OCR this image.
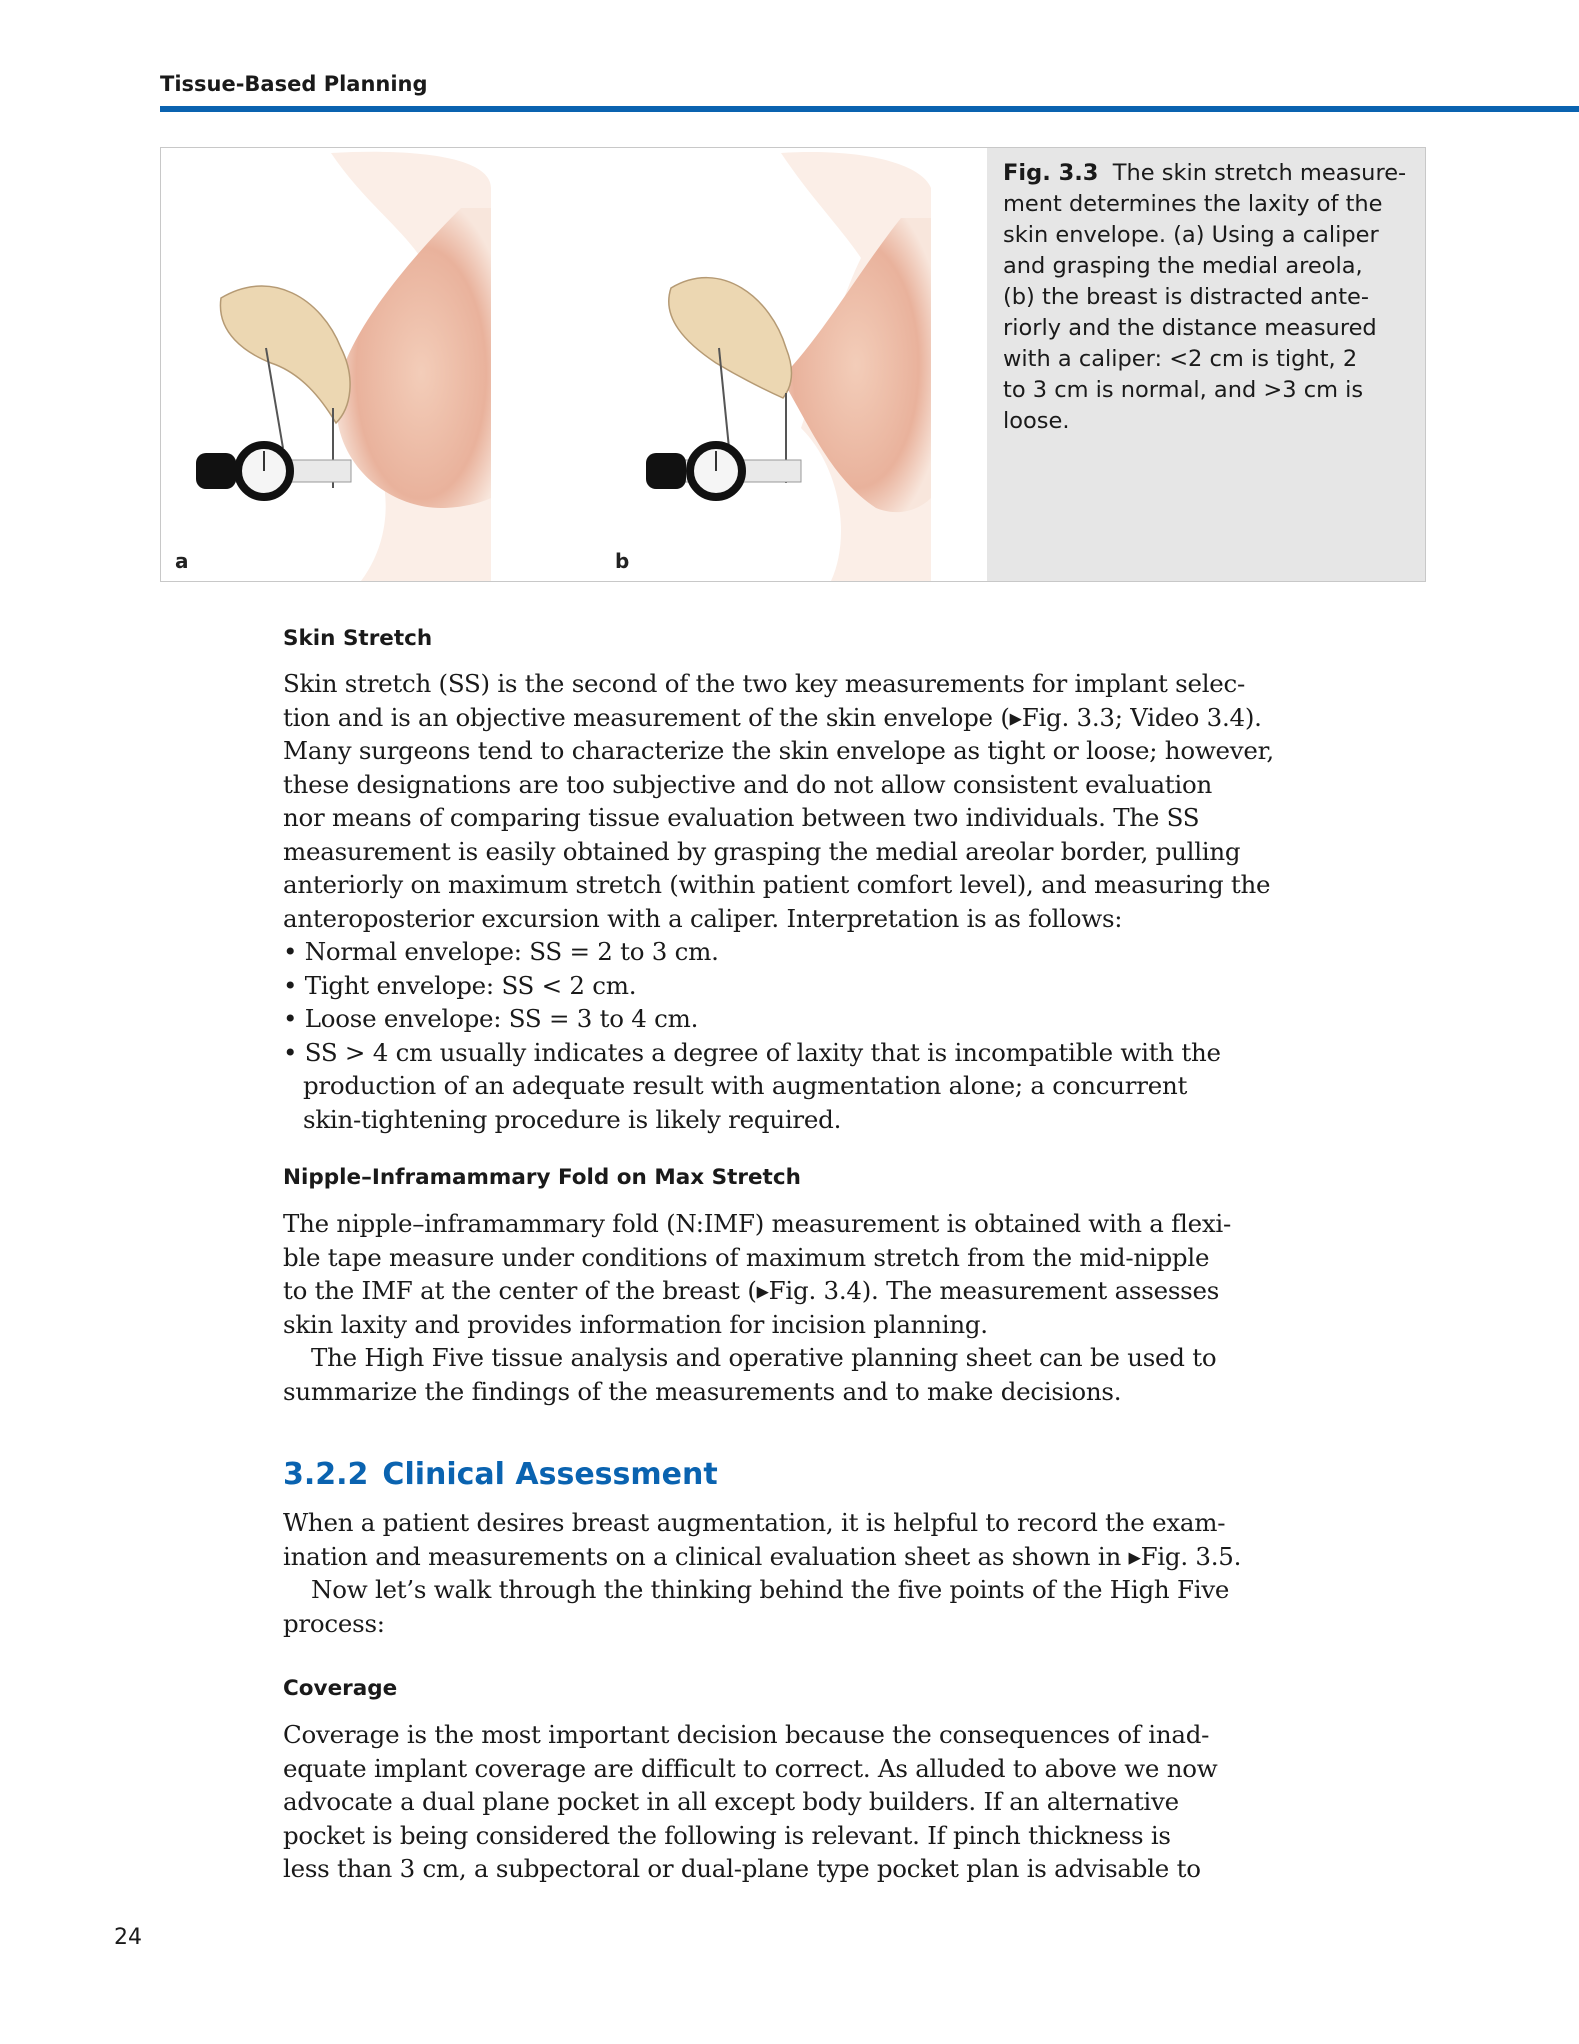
Tissue-Based Planning
a	b
Fig. 3.3 The skin stretch measure-
ment determines the laxity of the
skin envelope. (a) Using a caliper
and grasping the medial areola,
(b) the breast is distracted ante-
riorly and the distance measured
with a caliper: <2 cm is tight, 2
to 3 cm is normal, and >3 cm is
loose.
Skin Stretch
Skin stretch (SS) is the second of the two key measurements for implant selec-
tion and is an objective measurement of the skin envelope (▸Fig. 3.3; Video 3.4).
Many surgeons tend to characterize the skin envelope as tight or loose; however,
these designations are too subjective and do not allow consistent evaluation
nor means of comparing tissue evaluation between two individuals. The SS
measurement is easily obtained by grasping the medial areolar border, pulling
anteriorly on maximum stretch (within patient comfort level), and measuring the
anteroposterior excursion with a caliper. Interpretation is as follows:
• Normal envelope: SS = 2 to 3 cm.
• Tight envelope: SS < 2 cm.
• Loose envelope: SS = 3 to 4 cm.
• SS > 4 cm usually indicates a degree of laxity that is incompatible with the
production of an adequate result with augmentation alone; a concurrent
skin-tightening procedure is likely required.
Nipple–Inframammary Fold on Max Stretch
The nipple–inframammary fold (N:IMF) measurement is obtained with a flexi-
ble tape measure under conditions of maximum stretch from the mid-nipple
to the IMF at the center of the breast (▸Fig. 3.4). The measurement assesses
skin laxity and provides information for incision planning.
The High Five tissue analysis and operative planning sheet can be used to
summarize the findings of the measurements and to make decisions.
3.2.2 Clinical Assessment
When a patient desires breast augmentation, it is helpful to record the exam-
ination and measurements on a clinical evaluation sheet as shown in ▸Fig. 3.5.
Now let’s walk through the thinking behind the five points of the High Five
process:
Coverage
Coverage is the most important decision because the consequences of inad-
equate implant coverage are difficult to correct. As alluded to above we now
advocate a dual plane pocket in all except body builders. If an alternative
pocket is being considered the following is relevant. If pinch thickness is
less than 3 cm, a subpectoral or dual-plane type pocket plan is advisable to
24
